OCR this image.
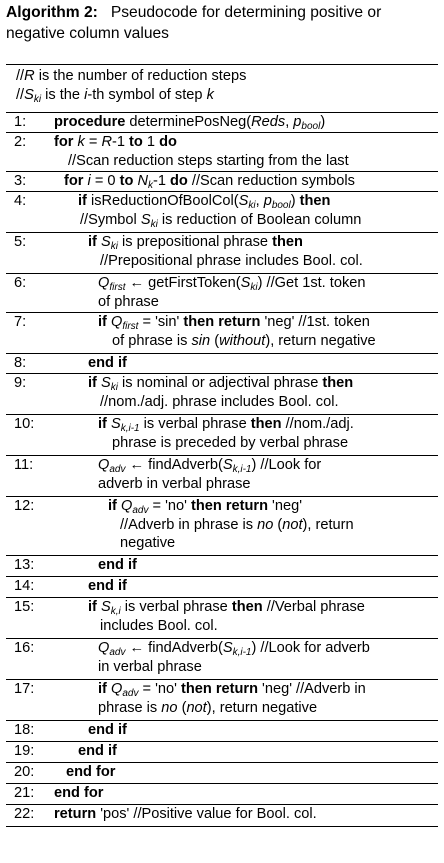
Algorithm 2: Pseudocode for determining positive or negative column values
//R is the number of reduction steps
$//S_{ki}$ is the i-th symbol of step k
1:	procedure determinePosNeg(Reds, $p_{bool}$)
2:	for k = R-1 to 1 do
//Scan reduction steps starting from the last
3:	for i = 0 to $N_k-1$ do //Scan reduction symbols
4:	if $isReductionOfBoolCol(S_{ki}$, $p_{bool}$) then
//Symbol $S_{ki}$ is reduction of Boolean column
5:	if $S_{ki}$ is prepositional phrase then
//Prepositional phrase includes Bool. col.
6:	$Q_{first}$ ← $getFirstToken(S_{ki})$ //Get 1st. token
of phrase
7:	if $Q_{first}$ = 'sin' then return 'neg' //1st. token
of phrase is sin (without), return negative
8:	end if
9:	if $S_{ki}$ is nominal or adjectival phrase then
//nom./adj. phrase includes Bool. col.
10:	if $S_{k,i-1}$ is verbal phrase then //nom./adj.
phrase is preceded by verbal phrase
11:	$Q_{adv}$ ← $findAdverb(S_{k,i-1})$ //Look for
adverb in verbal phrase
12:	if $Q_{adv}$ = 'no' then return 'neg'
//Adverb in phrase is no (not), return
negative
13:	end if
14:	end if
15:	if $S_{k,i}$ is verbal phrase then //Verbal phrase
includes Bool. col.
16:	$Q_{adv}$ ← $findAdverb(S_{k,i-1})$ //Look for adverb
in verbal phrase
17:	if $Q_{adv}$ = 'no' then return 'neg' //Adverb in
phrase is no (not), return negative
18:	end if
19:	end if
20:	end for
21:	end for
22:	return 'pos' //Positive value for Bool. col.
